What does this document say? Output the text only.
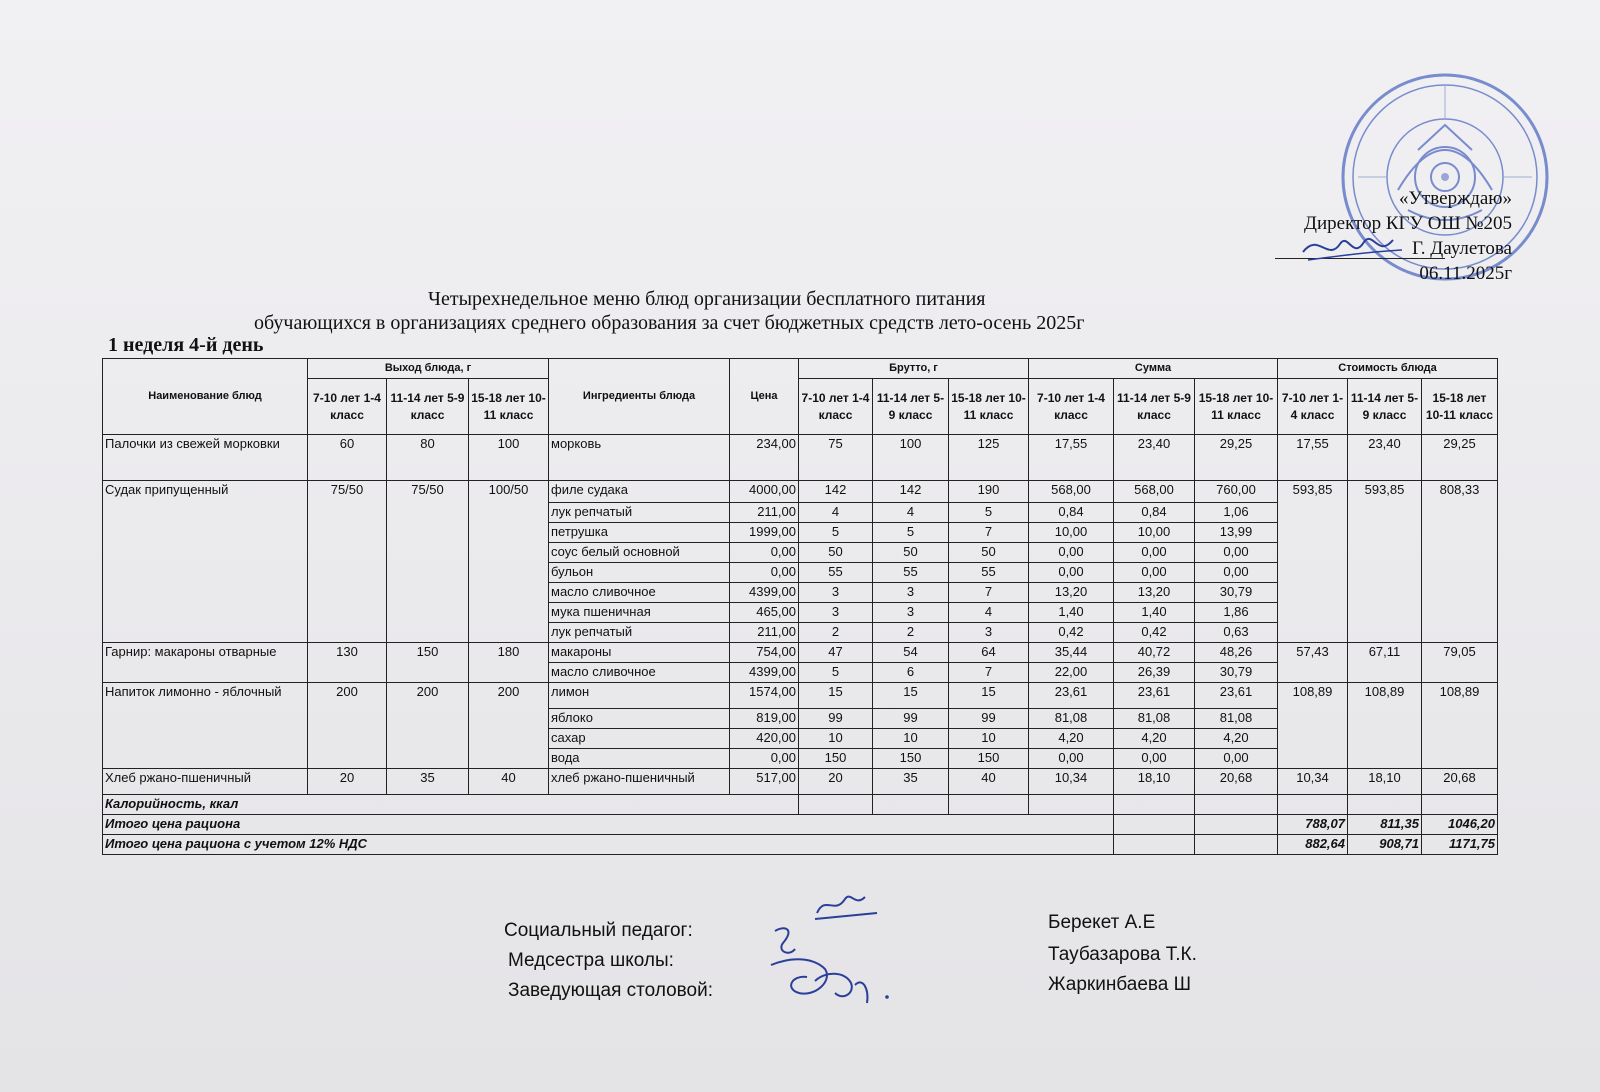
«Утверждаю»
Директор КГУ ОШ №205
Г. Даулетова
06.11.2025г
Четырехнедельное меню блюд организации бесплатного питания
обучающихся в организациях среднего образования за счет бюджетных средств лето-осень 2025г
1 неделя 4-й день
Наименование блюд	Выход блюда, г			Ингредиенты блюда	Цена	Брутто, г			Сумма			Стоимость блюда		
	7-10 лет 1-4 класс	11-14 лет 5-9 класс	15-18 лет 10-11 класс			7-10 лет 1-4 класс	11-14 лет 5-9 класс	15-18 лет 10-11 класс	7-10 лет 1-4 класс	11-14 лет 5-9 класс	15-18 лет 10-11 класс	7-10 лет 1-4 класс	11-14 лет 5-9 класс	15-18 лет 10-11 класс
Палочки из свежей морковки	60	80	100	морковь	234,00	75	100	125	17,55	23,40	29,25	17,55	23,40	29,25
Судак припущенный	75/50	75/50	100/50	филе судака	4000,00	142	142	190	568,00	568,00	760,00	593,85	593,85	808,33
				лук репчатый	211,00	4	4	5	0,84	0,84	1,06			
				петрушка	1999,00	5	5	7	10,00	10,00	13,99			
				соус белый основной	0,00	50	50	50	0,00	0,00	0,00			
				бульон	0,00	55	55	55	0,00	0,00	0,00			
				масло сливочное	4399,00	3	3	7	13,20	13,20	30,79			
				мука пшеничная	465,00	3	3	4	1,40	1,40	1,86			
				лук репчатый	211,00	2	2	3	0,42	0,42	0,63			
Гарнир: макароны отварные	130	150	180	макароны	754,00	47	54	64	35,44	40,72	48,26	57,43	67,11	79,05
				масло сливочное	4399,00	5	6	7	22,00	26,39	30,79			
Напиток лимонно - яблочный	200	200	200	лимон	1574,00	15	15	15	23,61	23,61	23,61	108,89	108,89	108,89
				яблоко	819,00	99	99	99	81,08	81,08	81,08			
				сахар	420,00	10	10	10	4,20	4,20	4,20			
				вода	0,00	150	150	150	0,00	0,00	0,00			
Хлеб ржано-пшеничный	20	35	40	хлеб ржано-пшеничный	517,00	20	35	40	10,34	18,10	20,68	10,34	18,10	20,68
Калорийность, ккал														
Итого цена рациона												788,07	811,35	1046,20
Итого цена рациона с учетом 12% НДС												882,64	908,71	1171,75
Социальный педагог:
Медсестра школы:
Заведующая столовой:
Берекет А.Е
Таубазарова Т.К.
Жаркинбаева Ш
